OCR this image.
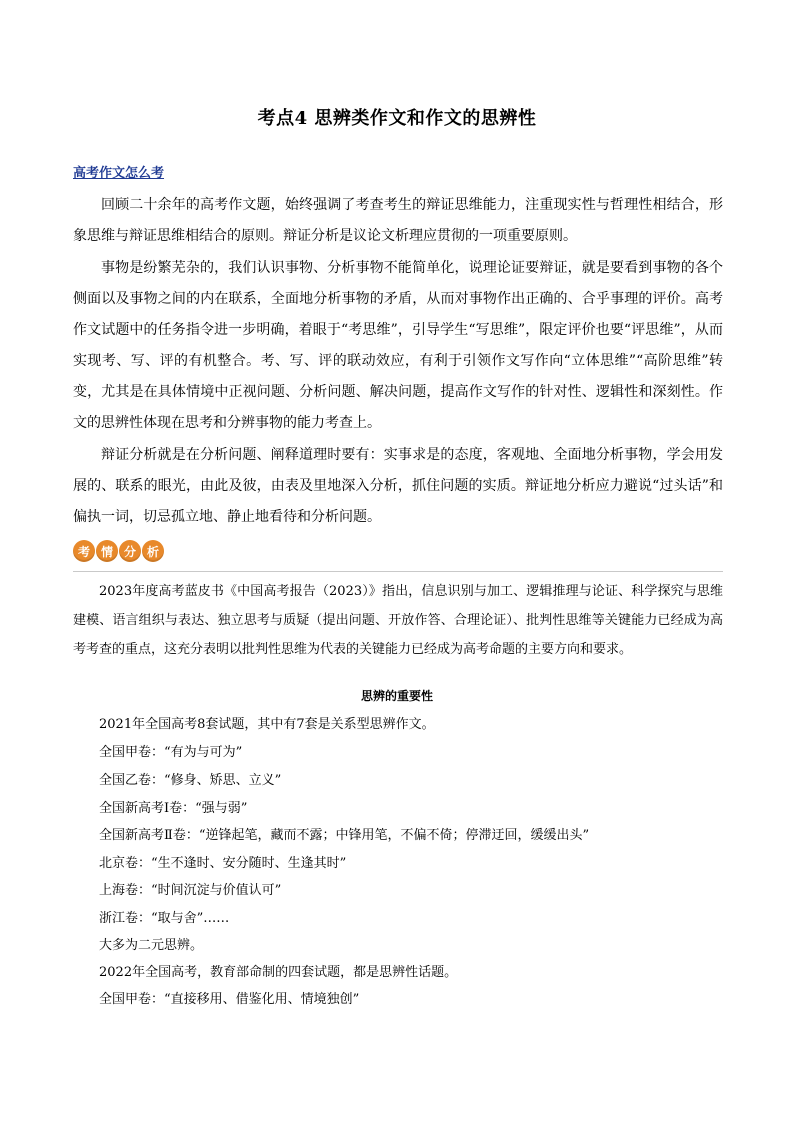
考点4 思辨类作文和作文的思辨性
高考作文怎么考

回顾二十余年的高考作文题，始终强调了考查考生的辩证思维能力，注重现实性与哲理性相结合，形象思维与辩证思维相结合的原则。辩证分析是议论文析理应贯彻的一项重要原则。

事物是纷繁芜杂的，我们认识事物、分析事物不能简单化，说理论证要辩证，就是要看到事物的各个侧面以及事物之间的内在联系，全面地分析事物的矛盾，从而对事物作出正确的、合乎事理的评价。高考作文试题中的任务指令进一步明确，着眼于“考思维”，引导学生“写思维”，限定评价也要“评思维”，从而实现考、写、评的有机整合。考、写、评的联动效应，有利于引领作文写作向“立体思维”“高阶思维”转变，尤其是在具体情境中正视问题、分析问题、解决问题，提高作文写作的针对性、逻辑性和深刻性。作文的思辨性体现在思考和分辨事物的能力考查上。

辩证分析就是在分析问题、阐释道理时要有：实事求是的态度，客观地、全面地分析事物，学会用发展的、联系的眼光，由此及彼，由表及里地深入分析，抓住问题的实质。辩证地分析应力避说“过头话”和偏执一词，切忌孤立地、静止地看待和分析问题。

考 情 分 析

2023年度高考蓝皮书《中国高考报告（2023）》指出，信息识别与加工、逻辑推理与论证、科学探究与思维建模、语言组织与表达、独立思考与质疑（提出问题、开放作答、合理论证）、批判性思维等关键能力已经成为高考考查的重点，这充分表明以批判性思维为代表的关键能力已经成为高考命题的主要方向和要求。

思辨的重要性
2021年全国高考8套试题，其中有7套是关系型思辨作文。
全国甲卷：“有为与可为”
全国乙卷：“修身、矫思、立义”
全国新高考Ⅰ卷：“强与弱”
全国新高考Ⅱ卷：“逆锋起笔，藏而不露；中锋用笔，不偏不倚；停滞迂回，缓缓出头”
北京卷：“生不逢时、安分随时、生逢其时”
上海卷：“时间沉淀与价值认可”
浙江卷：“取与舍”……
大多为二元思辨。
2022年全国高考，教育部命制的四套试题，都是思辨性话题。
全国甲卷：“直接移用、借鉴化用、情境独创”
